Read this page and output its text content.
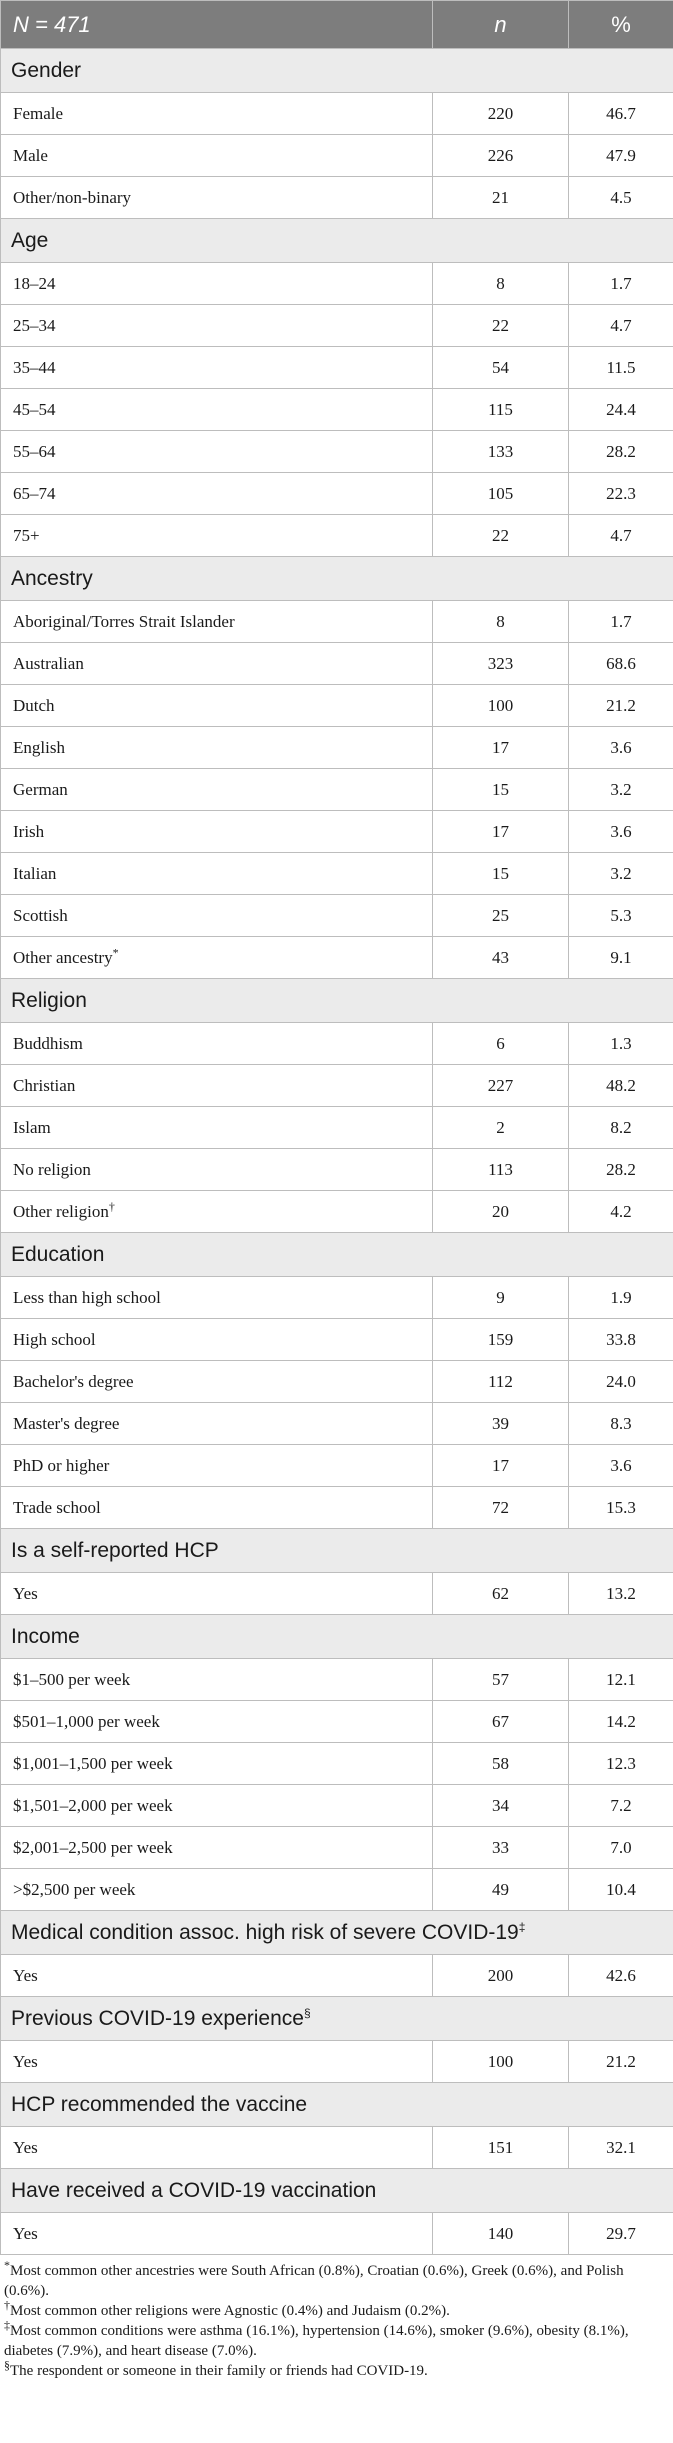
N = 471	n	%
Gender		
Female	220	46.7
Male	226	47.9
Other/non-binary	21	4.5
Age		
18–24	8	1.7
25–34	22	4.7
35–44	54	11.5
45–54	115	24.4
55–64	133	28.2
65–74	105	22.3
75+	22	4.7
Ancestry		
Aboriginal/Torres Strait Islander	8	1.7
Australian	323	68.6
Dutch	100	21.2
English	17	3.6
German	15	3.2
Irish	17	3.6
Italian	15	3.2
Scottish	25	5.3
Other ancestry*	43	9.1
Religion		
Buddhism	6	1.3
Christian	227	48.2
Islam	2	8.2
No religion	113	28.2
Other religion†	20	4.2
Education		
Less than high school	9	1.9
High school	159	33.8
Bachelor's degree	112	24.0
Master's degree	39	8.3
PhD or higher	17	3.6
Trade school	72	15.3
Is a self-reported HCP		
Yes	62	13.2
Income		
$1–500 per week	57	12.1
$501–1,000 per week	67	14.2
$1,001–1,500 per week	58	12.3
$1,501–2,000 per week	34	7.2
$2,001–2,500 per week	33	7.0
>$2,500 per week	49	10.4
Medical condition assoc. high risk of severe COVID-19‡
Yes	200	42.6
Previous COVID-19 experience§
Yes	100	21.2
HCP recommended the vaccine		
Yes	151	32.1
Have received a COVID-19 vaccination		
Yes	140	29.7

*Most common other ancestries were South African (0.8%), Croatian (0.6%), Greek (0.6%), and Polish (0.6%).

†Most common other religions were Agnostic (0.4%) and Judaism (0.2%).

‡Most common conditions were asthma (16.1%), hypertension (14.6%), smoker (9.6%), obesity (8.1%), diabetes (7.9%), and heart disease (7.0%).

§The respondent or someone in their family or friends had COVID-19.
